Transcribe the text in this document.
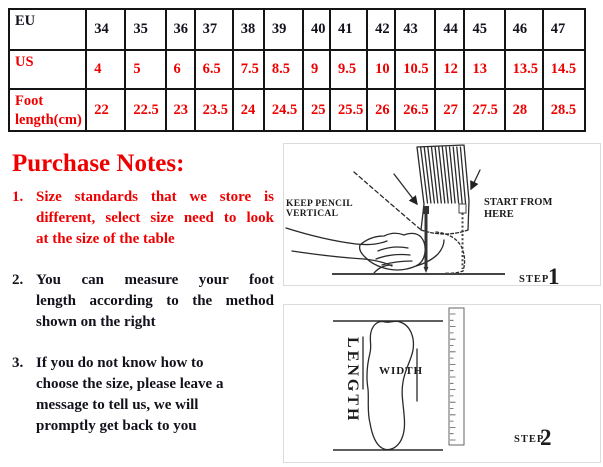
EU	34	35	36	37	38	39	40	41	42	43	44	45	46	47
US	4	5	6	6.5	7.5	8.5	9	9.5	10	10.5	12	13	13.5	14.5
Foot length(cm)	22	22.5	23	23.5	24	24.5	25	25.5	26	26.5	27	27.5	28	28.5
Purchase Notes:
1. Size standards that we store is
different, select size need to look
at the size of the table
2. You can measure your foot
length according to the method
shown on the right
3. If you do not know how to
choose the size, please leave a
message to tell us, we will
promptly get back to you
KEEP PENCIL
VERTICAL
START FROM
HERE
STEP
1
LENGTH WIDTH
STEP
2
